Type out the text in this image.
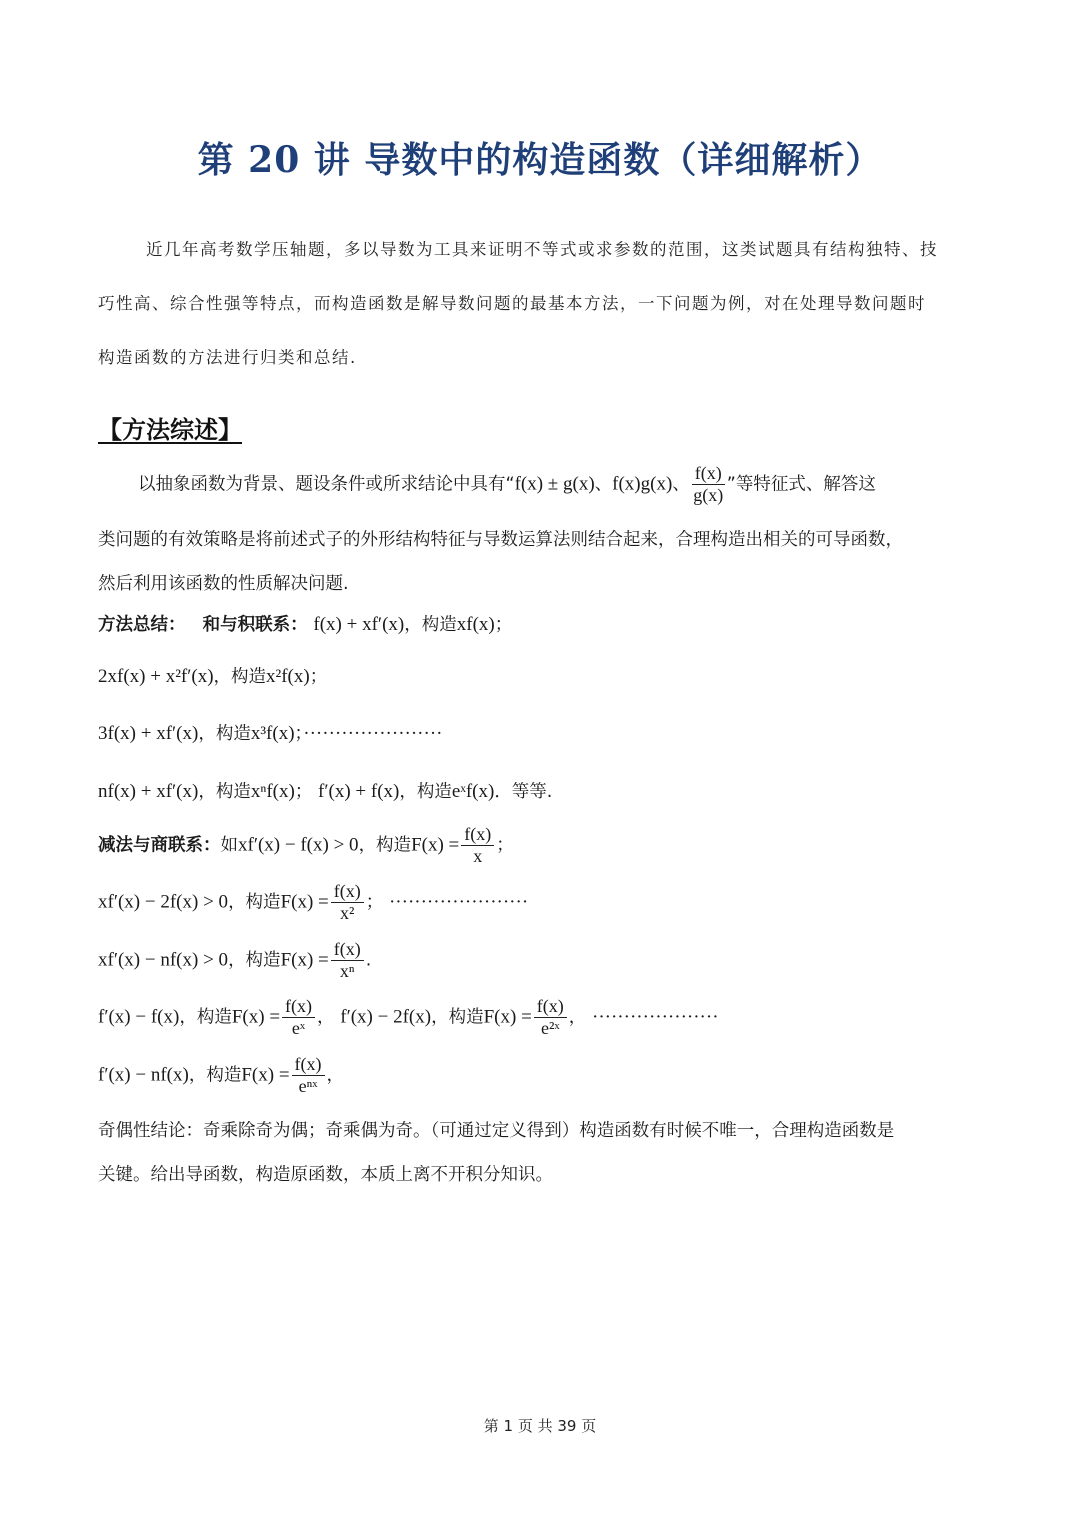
第 20 讲 导数中的构造函数（详细解析）
近几年高考数学压轴题，多以导数为工具来证明不等式或求参数的范围，这类试题具有结构独特、技
巧性高、综合性强等特点，而构造函数是解导数问题的最基本方法，一下问题为例，对在处理导数问题时
构造函数的方法进行归类和总结.
【方法综述】
以抽象函数为背景、题设条件或所求结论中具有“f(x) ± g(x)、f(x)g(x)、 $\frac{f(x)}{g(x)}$ ”等特征式、解答这
类问题的有效策略是将前述式子的外形结构特征与导数运算法则结合起来，合理构造出相关的可导函数，
然后利用该函数的性质解决问题.
方法总结： 和与积联系： f(x) + xf′(x)，构造xf(x)；
2xf(x) + x²f′(x)，构造x²f(x)；
3f(x) + xf′(x)，构造x³f(x)；······················
nf(x) + xf′(x)，构造xⁿf(x)； f′(x) + f(x)，构造eˣf(x)．等等.
减法与商联系：如xf′(x) − f(x) > 0，构造$F(x) = \frac{f(x)}{x}$ ；
xf′(x) − 2f(x) > 0，构造$F(x) = \frac{f(x)}{\text{x²}}$ ； ······················
xf′(x) − nf(x) > 0，构造$F(x) = \frac{f(x)}{\text{xⁿ}}$ .
f′(x) − f(x)，构造$F(x) = \frac{f(x)}{\text{eˣ}}$ ， f′(x) − 2f(x)，构造$F(x) = \frac{f(x)}{\text{e²ˣ}}$ ， ····················
f′(x) − nf(x)，构造$F(x) = \frac{f(x)}{\text{eⁿˣ}}$ ，
奇偶性结论：奇乘除奇为偶；奇乘偶为奇。（可通过定义得到）构造函数有时候不唯一，合理构造函数是
关键。给出导函数，构造原函数，本质上离不开积分知识。
第 1 页 共 39 页
